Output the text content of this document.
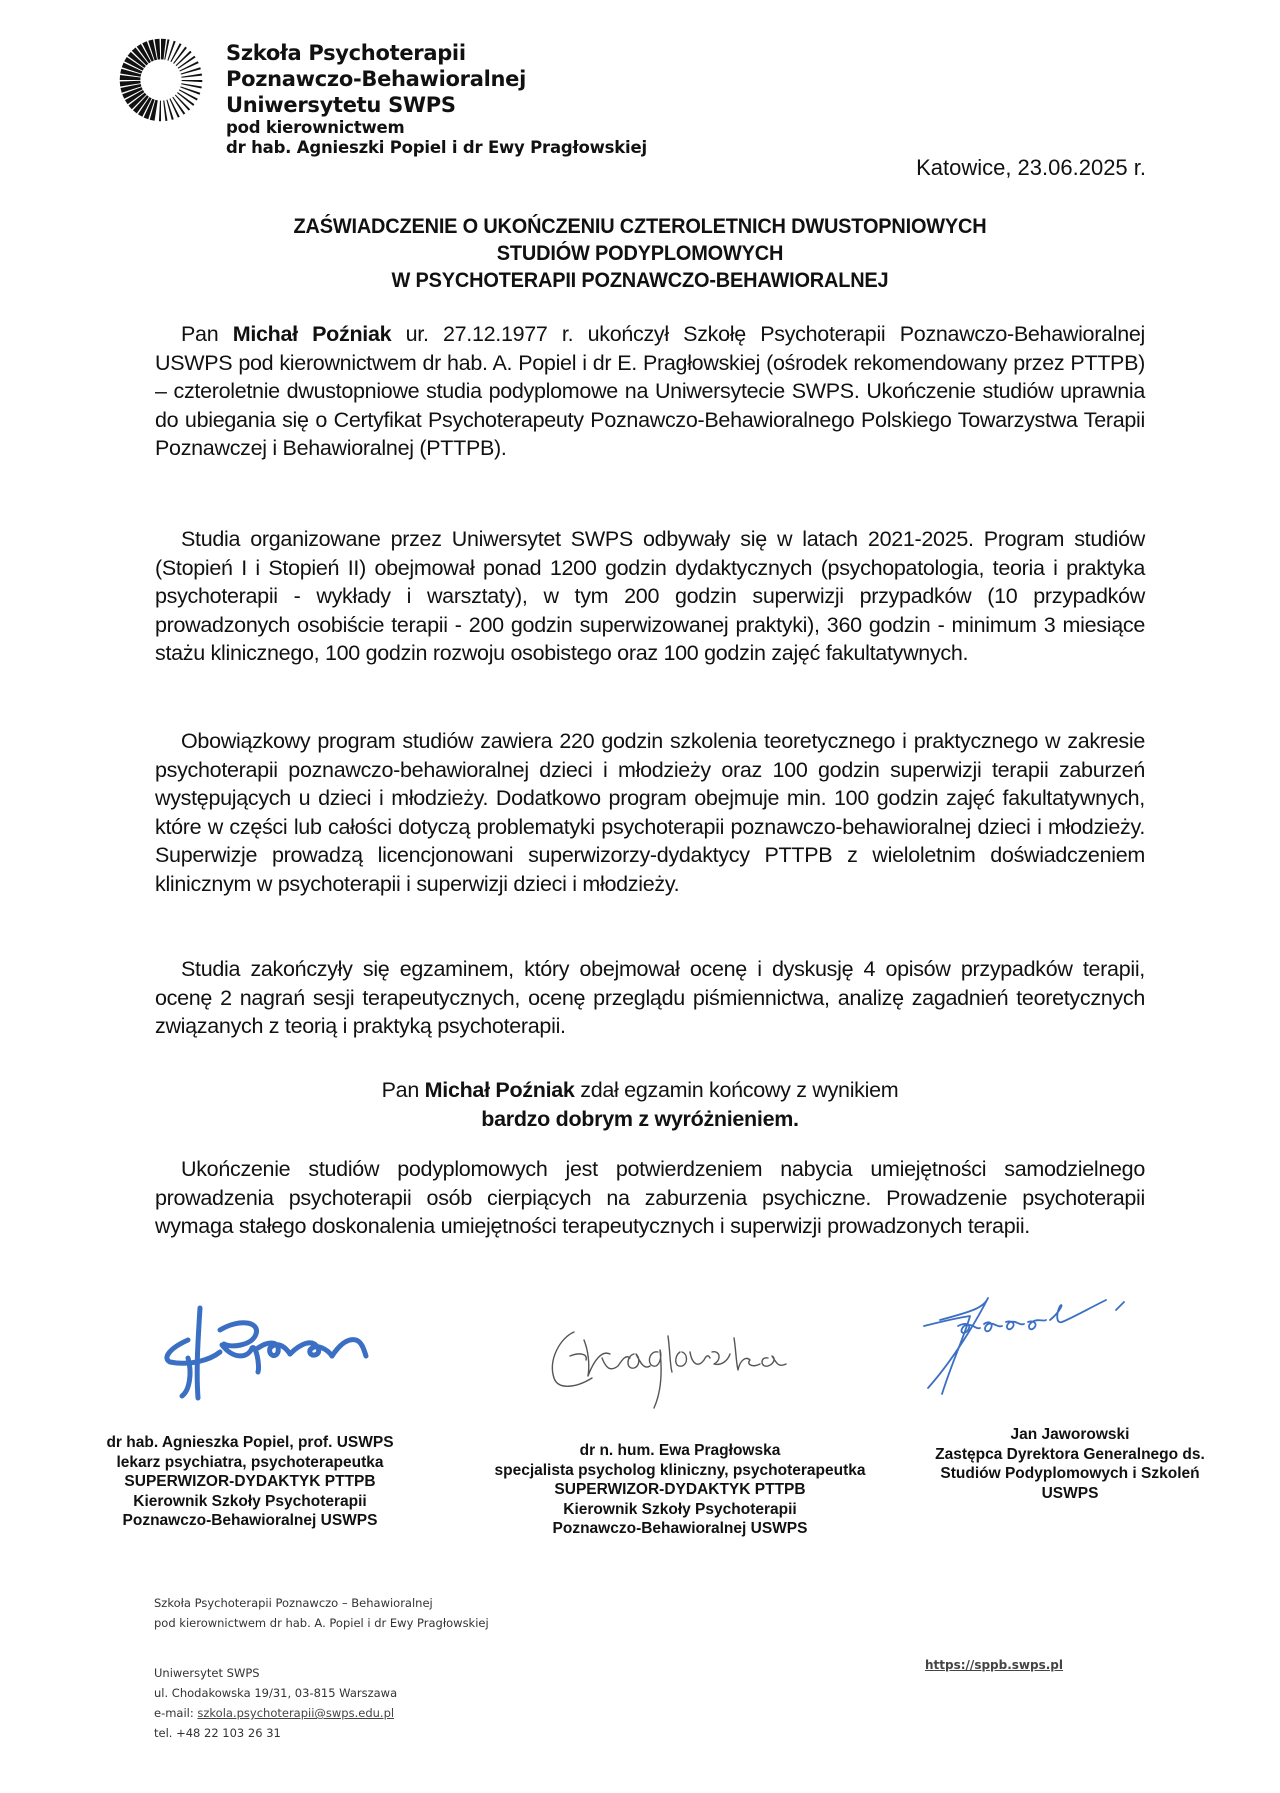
Szkoła Psychoterapii
Poznawczo-Behawioralnej
Uniwersytetu SWPS
pod kierownictwem
dr hab. Agnieszki Popiel i dr Ewy Pragłowskiej
Katowice, 23.06.2025 r.
ZAŚWIADCZENIE O UKOŃCZENIU CZTEROLETNICH DWUSTOPNIOWYCH
STUDIÓW PODYPLOMOWYCH
W PSYCHOTERAPII POZNAWCZO-BEHAWIORALNEJ
Pan Michał Poźniak ur. 27.12.1977 r. ukończył Szkołę Psychoterapii Poznawczo-Behawioralnej USWPS pod kierownictwem dr hab. A. Popiel i dr E. Pragłowskiej (ośrodek rekomendowany przez PTTPB) – czteroletnie dwustopniowe studia podyplomowe na Uniwersytecie SWPS. Ukończenie studiów uprawnia do ubiegania się o Certyfikat Psychoterapeuty Poznawczo-Behawioralnego Polskiego Towarzystwa Terapii Poznawczej i Behawioralnej (PTTPB).
Studia organizowane przez Uniwersytet SWPS odbywały się w latach 2021-2025. Program studiów (Stopień I i Stopień II) obejmował ponad 1200 godzin dydaktycznych (psychopatologia, teoria i praktyka psychoterapii - wykłady i warsztaty), w tym 200 godzin superwizji przypadków (10 przypadków prowadzonych osobiście terapii - 200 godzin superwizowanej praktyki), 360 godzin - minimum 3 miesiące stażu klinicznego, 100 godzin rozwoju osobistego oraz 100 godzin zajęć fakultatywnych.
Obowiązkowy program studiów zawiera 220 godzin szkolenia teoretycznego i praktycznego w zakresie psychoterapii poznawczo-behawioralnej dzieci i młodzieży oraz 100 godzin superwizji terapii zaburzeń występujących u dzieci i młodzieży. Dodatkowo program obejmuje min. 100 godzin zajęć fakultatywnych, które w części lub całości dotyczą problematyki psychoterapii poznawczo-behawioralnej dzieci i młodzieży. Superwizje prowadzą licencjonowani superwizorzy-dydaktycy PTTPB z wieloletnim doświadczeniem klinicznym w psychoterapii i superwizji dzieci i młodzieży.
Studia zakończyły się egzaminem, który obejmował ocenę i dyskusję 4 opisów przypadków terapii, ocenę 2 nagrań sesji terapeutycznych, ocenę przeglądu piśmiennictwa, analizę zagadnień teoretycznych związanych z teorią i praktyką psychoterapii.
Pan Michał Poźniak zdał egzamin końcowy z wynikiem
bardzo dobrym z wyróżnieniem.
Ukończenie studiów podyplomowych jest potwierdzeniem nabycia umiejętności samodzielnego prowadzenia psychoterapii osób cierpiących na zaburzenia psychiczne. Prowadzenie psychoterapii wymaga stałego doskonalenia umiejętności terapeutycznych i superwizji prowadzonych terapii.
dr hab. Agnieszka Popiel, prof. USWPS
lekarz psychiatra, psychoterapeutka
SUPERWIZOR-DYDAKTYK PTTPB
Kierownik Szkoły Psychoterapii
Poznawczo-Behawioralnej USWPS
dr n. hum. Ewa Pragłowska
specjalista psycholog kliniczny, psychoterapeutka
SUPERWIZOR-DYDAKTYK PTTPB
Kierownik Szkoły Psychoterapii
Poznawczo-Behawioralnej USWPS
Jan Jaworowski
Zastępca Dyrektora Generalnego ds.
Studiów Podyplomowych i Szkoleń
USWPS
Szkoła Psychoterapii Poznawczo – Behawioralnej
pod kierownictwem dr hab. A. Popiel i dr Ewy Pragłowskiej
Uniwersytet SWPS
ul. Chodakowska 19/31, 03-815 Warszawa
e-mail: szkola.psychoterapii@swps.edu.pl
tel. +48 22 103 26 31
https://sppb.swps.pl
